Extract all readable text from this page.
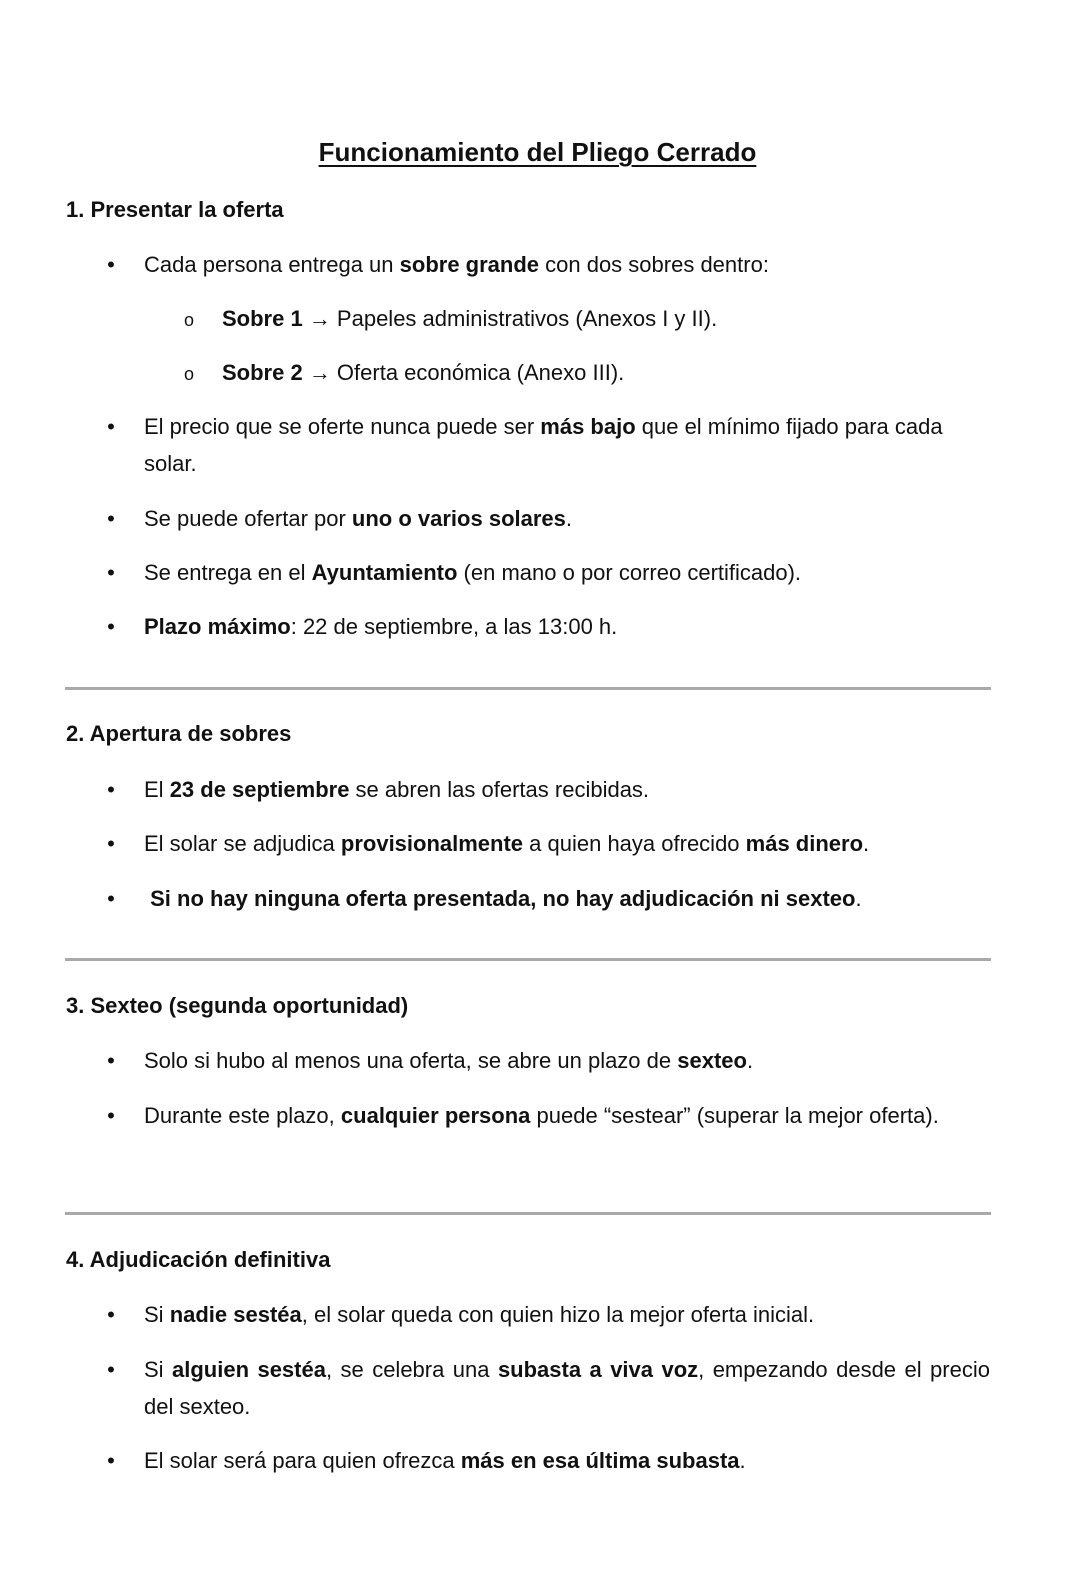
Funcionamiento del Pliego Cerrado
1. Presentar la oferta
• Cada persona entrega un sobre grande con dos sobres dentro:

o Sobre 1 → Papeles administrativos (Anexos I y II).

o Sobre 2 → Oferta económica (Anexo III).

• El precio que se oferte nunca puede ser más bajo que el mínimo fijado para cada solar.

• Se puede ofertar por uno o varios solares.

• Se entrega en el Ayuntamiento (en mano o por correo certificado).

• Plazo máximo: 22 de septiembre, a las 13:00 h.

2. Apertura de sobres
• El 23 de septiembre se abren las ofertas recibidas.

• El solar se adjudica provisionalmente a quien haya ofrecido más dinero.

• Si no hay ninguna oferta presentada, no hay adjudicación ni sexteo.

3. Sexteo (segunda oportunidad)
• Solo si hubo al menos una oferta, se abre un plazo de sexteo.

• Durante este plazo, cualquier persona puede “sestear” (superar la mejor oferta).

4. Adjudicación definitiva
• Si nadie sestéa, el solar queda con quien hizo la mejor oferta inicial.

• Si alguien sestéa, se celebra una subasta a viva voz, empezando desde el precio del sexteo.

• El solar será para quien ofrezca más en esa última subasta.
